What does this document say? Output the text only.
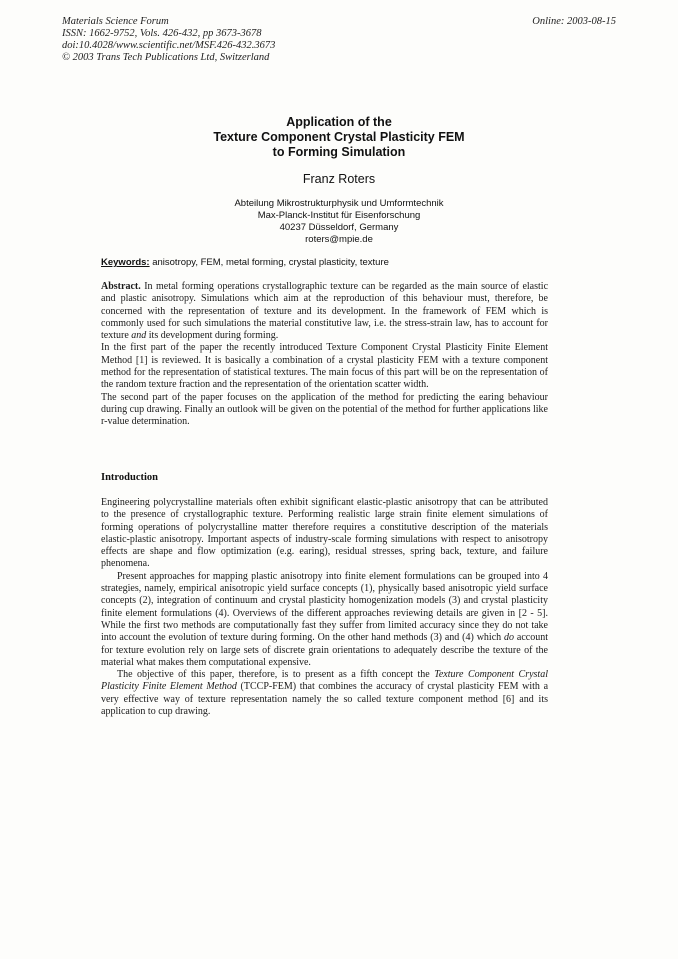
Materials Science Forum
ISSN: 1662-9752, Vols. 426-432, pp 3673-3678
doi:10.4028/www.scientific.net/MSF.426-432.3673
© 2003 Trans Tech Publications Ltd, Switzerland
Online: 2003-08-15
Application of the
Texture Component Crystal Plasticity FEM
to Forming Simulation
Franz Roters
Abteilung Mikrostrukturphysik und Umformtechnik
Max-Planck-Institut für Eisenforschung
40237 Düsseldorf, Germany
roters@mpie.de
Keywords: anisotropy, FEM, metal forming, crystal plasticity, texture

Abstract. In metal forming operations crystallographic texture can be regarded as the main source of elastic and plastic anisotropy. Simulations which aim at the reproduction of this behaviour must, therefore, be concerned with the representation of texture and its development. In the framework of FEM which is commonly used for such simulations the material constitutive law, i.e. the stress-strain law, has to account for texture and its development during forming.

In the first part of the paper the recently introduced Texture Component Crystal Plasticity Finite Element Method [1] is reviewed. It is basically a combination of a crystal plasticity FEM with a texture component method for the representation of statistical textures. The main focus of this part will be on the representation of the random texture fraction and the representation of the orientation scatter width.

The second part of the paper focuses on the application of the method for predicting the earing behaviour during cup drawing. Finally an outlook will be given on the potential of the method for further applications like r-value determination.

Introduction

Engineering polycrystalline materials often exhibit significant elastic-plastic anisotropy that can be attributed to the presence of crystallographic texture. Performing realistic large strain finite element simulations of forming operations of polycrystalline matter therefore requires a constitutive description of the materials elastic-plastic anisotropy. Important aspects of industry-scale forming simulations with respect to anisotropy effects are shape and flow optimization (e.g. earing), residual stresses, spring back, texture, and failure phenomena.

Present approaches for mapping plastic anisotropy into finite element formulations can be grouped into 4 strategies, namely, empirical anisotropic yield surface concepts (1), physically based anisotropic yield surface concepts (2), integration of continuum and crystal plasticity homogenization models (3) and crystal plasticity finite element formulations (4). Overviews of the different approaches reviewing details are given in [2 - 5]. While the first two methods are computationally fast they suffer from limited accuracy since they do not take into account the evolution of texture during forming. On the other hand methods (3) and (4) which do account for texture evolution rely on large sets of discrete grain orientations to adequately describe the texture of the material what makes them computational expensive.

The objective of this paper, therefore, is to present as a fifth concept the Texture Component Crystal Plasticity Finite Element Method (TCCP-FEM) that combines the accuracy of crystal plasticity FEM with a very effective way of texture representation namely the so called texture component method [6] and its application to cup drawing.
